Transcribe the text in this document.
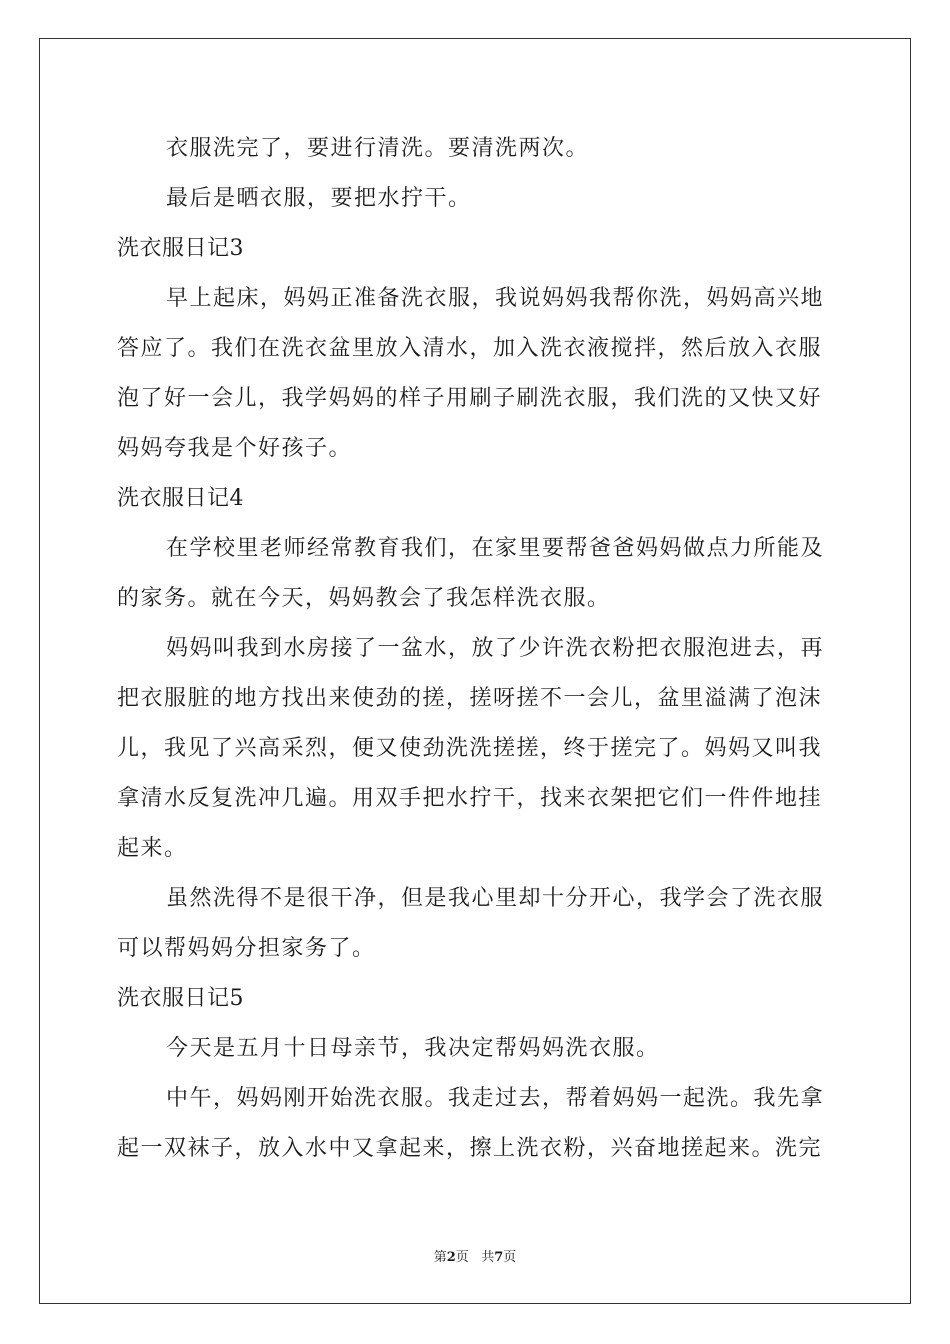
衣服洗完了，要进行清洗。要清洗两次。
最后是晒衣服，要把水拧干。
洗衣服日记3
早上起床，妈妈正准备洗衣服，我说妈妈我帮你洗，妈妈高兴地
答应了。我们在洗衣盆里放入清水，加入洗衣液搅拌，然后放入衣服
泡了好一会儿，我学妈妈的样子用刷子刷洗衣服，我们洗的又快又好
妈妈夸我是个好孩子。
洗衣服日记4
在学校里老师经常教育我们，在家里要帮爸爸妈妈做点力所能及
的家务。就在今天，妈妈教会了我怎样洗衣服。
妈妈叫我到水房接了一盆水，放了少许洗衣粉把衣服泡进去，再
把衣服脏的地方找出来使劲的搓，搓呀搓不一会儿，盆里溢满了泡沫
儿，我见了兴高采烈，便又使劲洗洗搓搓，终于搓完了。妈妈又叫我
拿清水反复洗冲几遍。用双手把水拧干，找来衣架把它们一件件地挂
起来。
虽然洗得不是很干净，但是我心里却十分开心，我学会了洗衣服
可以帮妈妈分担家务了。
洗衣服日记5
今天是五月十日母亲节，我决定帮妈妈洗衣服。
中午，妈妈刚开始洗衣服。我走过去，帮着妈妈一起洗。我先拿
起一双袜子，放入水中又拿起来，擦上洗衣粉，兴奋地搓起来。洗完
第2页 共7页
